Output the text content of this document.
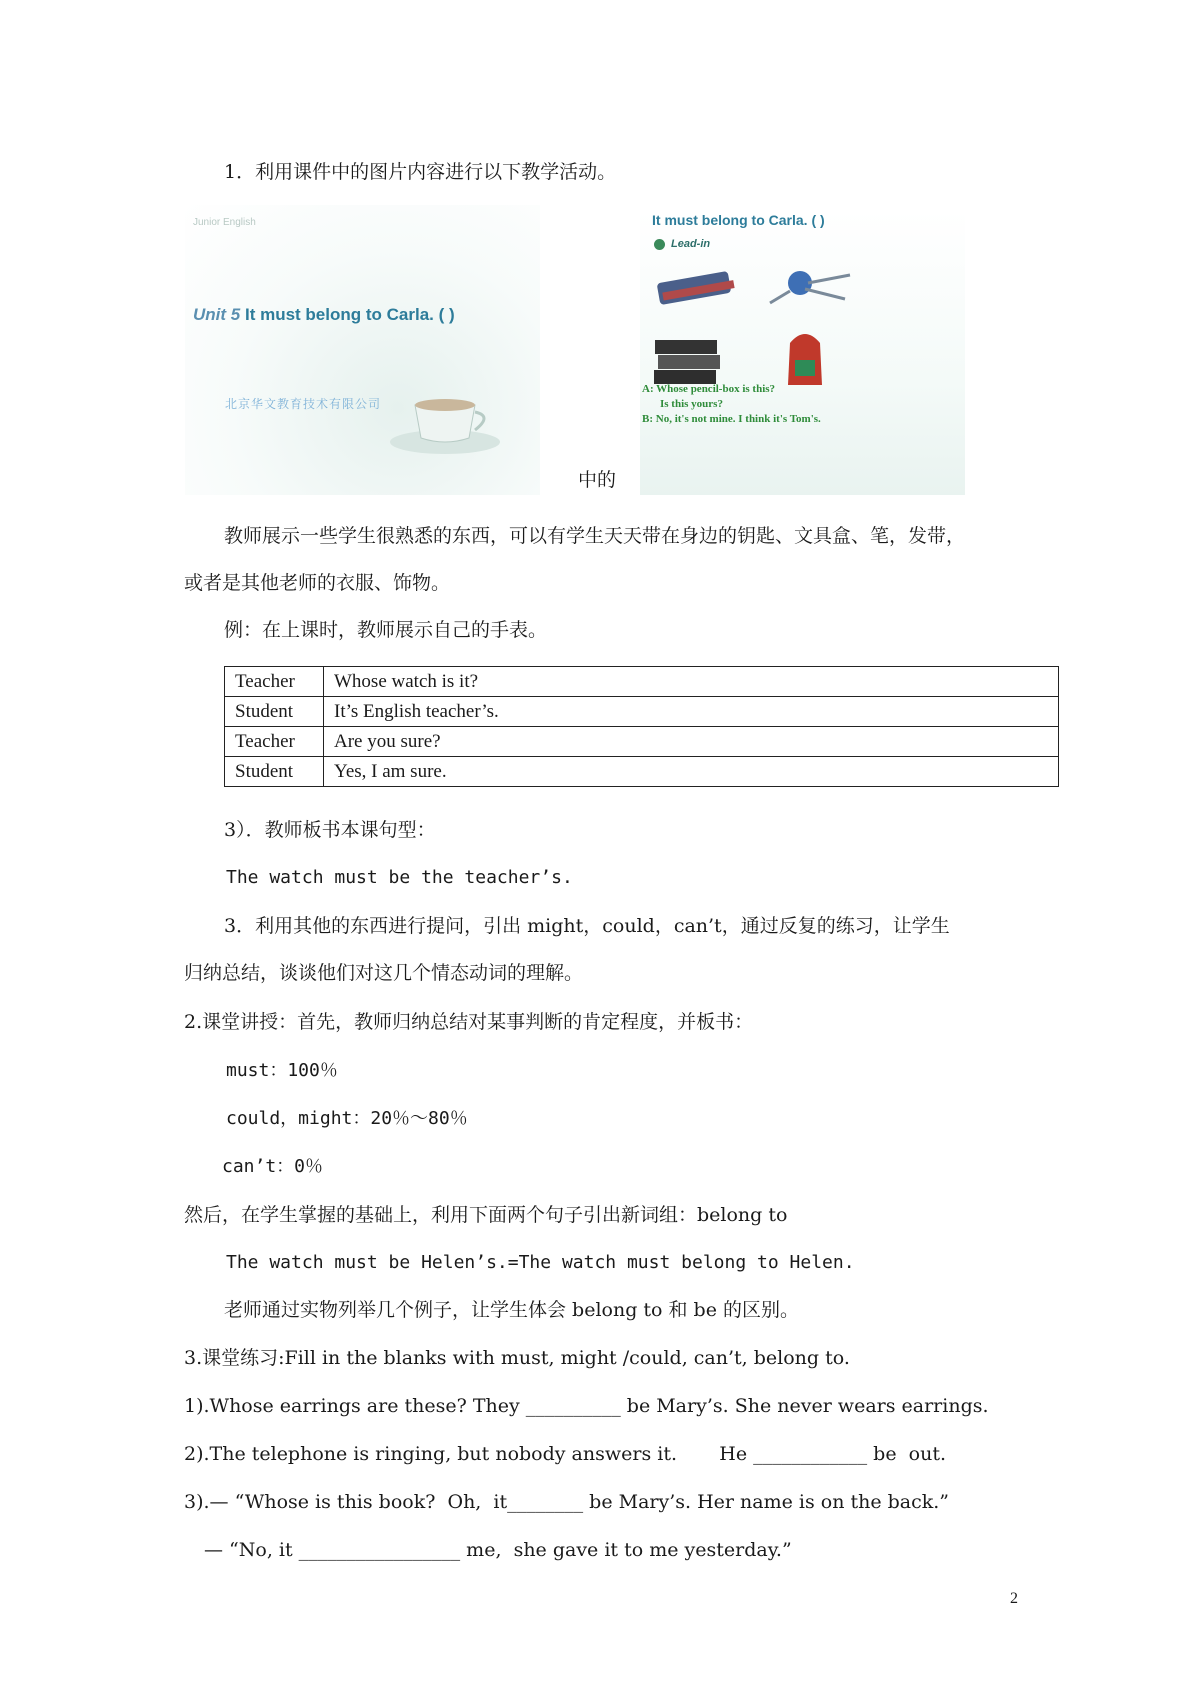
1．利用课件中的图片内容进行以下教学活动。
Junior English
Unit 5 It must belong to Carla. ( )
北京华文教育技术有限公司
It must belong to Carla. ( )
Lead-in
A: Whose pencil-box is this?
Is this yours?
B: No, it's not mine. I think it's Tom's.
中的
教师展示一些学生很熟悉的东西，可以有学生天天带在身边的钥匙、文具盒、笔，发带，
或者是其他老师的衣服、饰物。
例：在上课时，教师展示自己的手表。
Teacher	Whose watch is it?
Student	It’s English teacher’s.
Teacher	Are you sure?
Student	Yes, I am sure.
3）．教师板书本课句型：
The watch must be the teacher’s.
3．利用其他的东西进行提问，引出 might，could，can’t，通过反复的练习，让学生
归纳总结，谈谈他们对这几个情态动词的理解。
2.课堂讲授：首先，教师归纳总结对某事判断的肯定程度，并板书：
must：100％
could，might：20％～80％
can’t：0％
然后，在学生掌握的基础上，利用下面两个句子引出新词组：belong to
The watch must be Helen’s.=The watch must belong to Helen.
老师通过实物列举几个例子，让学生体会 belong to 和 be 的区别。
3.课堂练习:Fill in the blanks with must, might /could, can’t, belong to.
1).Whose earrings are these? They __________ be Mary’s. She never wears earrings.
2).The telephone is ringing, but nobody answers it.       He ____________ be  out.
3).— “Whose is this book?  Oh,  it________ be Mary’s. Her name is on the back.”
— “No, it _________________ me,  she gave it to me yesterday.”
2
